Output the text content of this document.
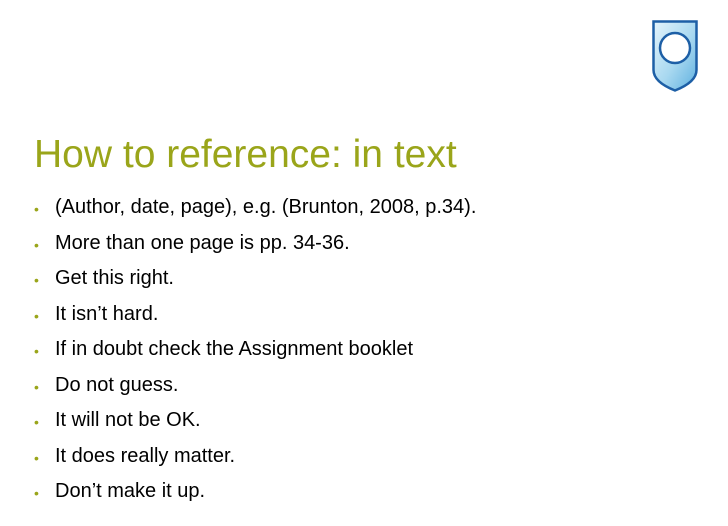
How to reference: in text
• (Author, date, page), e.g. (Brunton, 2008, p.34).
• More than one page is pp. 34-36.
• Get this right.
• It isn’t hard.
• If in doubt check the Assignment booklet
• Do not guess.
• It will not be OK.
• It does really matter.
• Don’t make it up.
